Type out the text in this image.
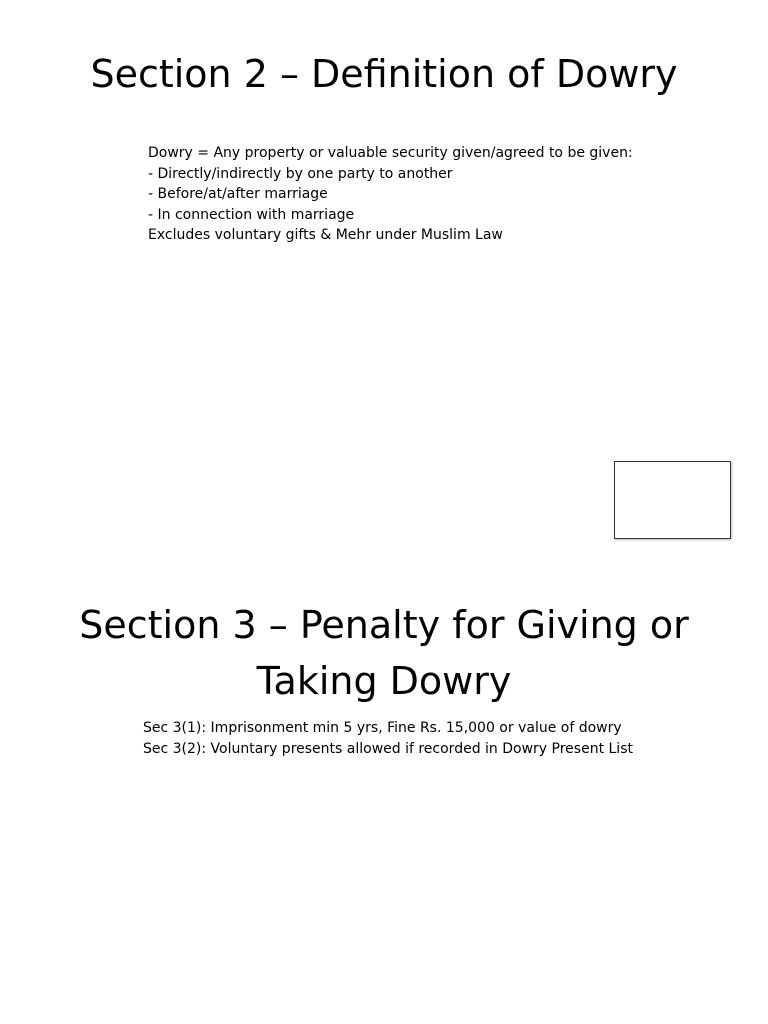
Section 2 – Definition of Dowry
Dowry = Any property or valuable security given/agreed to be given:
- Directly/indirectly by one party to another
- Before/at/after marriage
- In connection with marriage
Excludes voluntary gifts & Mehr under Muslim Law
Section 3 – Penalty for Giving or
Taking Dowry
Sec 3(1): Imprisonment min 5 yrs, Fine Rs. 15,000 or value of dowry
Sec 3(2): Voluntary presents allowed if recorded in Dowry Present List
